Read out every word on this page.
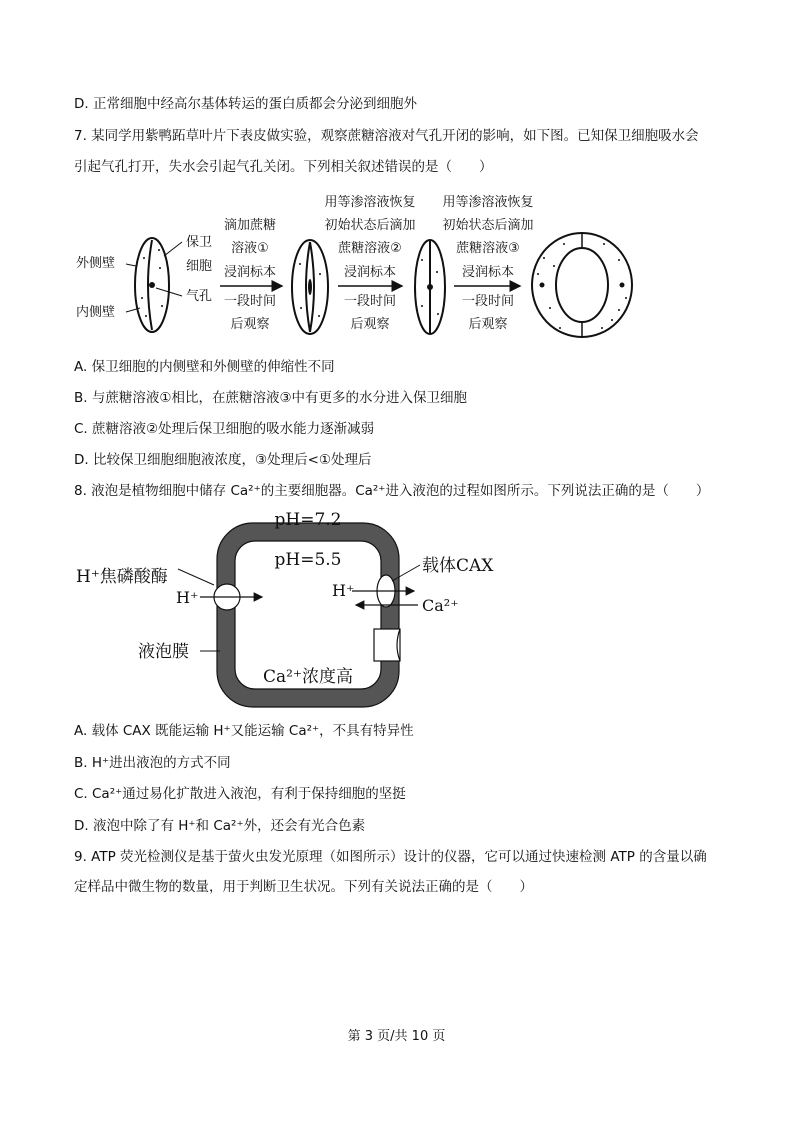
D. 正常细胞中经高尔基体转运的蛋白质都会分泌到细胞外
7. 某同学用紫鸭跖草叶片下表皮做实验，观察蔗糖溶液对气孔开闭的影响，如下图。已知保卫细胞吸水会
引起气孔打开，失水会引起气孔关闭。下列相关叙述错误的是（　　）
外侧壁
内侧壁
保卫
细胞
气孔
滴加蔗糖
溶液①
浸润标本
一段时间
后观察
用等渗溶液恢复
初始状态后滴加
蔗糖溶液②
浸润标本
一段时间
后观察
用等渗溶液恢复
初始状态后滴加
蔗糖溶液③
浸润标本
一段时间
后观察
A. 保卫细胞的内侧壁和外侧壁的伸缩性不同
B. 与蔗糖溶液①相比，在蔗糖溶液③中有更多的水分进入保卫细胞
C. 蔗糖溶液②处理后保卫细胞的吸水能力逐渐减弱
D. 比较保卫细胞细胞液浓度，③处理后<①处理后
8. 液泡是植物细胞中储存 Ca²⁺的主要细胞器。Ca²⁺进入液泡的过程如图所示。下列说法正确的是（　　）
pH=7.2
pH=5.5
H⁺焦磷酸酶
H⁺	H⁺
载体CAX
Ca²⁺
液泡膜
Ca²⁺浓度高
A. 载体 CAX 既能运输 H⁺又能运输 Ca²⁺，不具有特异性
B. H⁺进出液泡的方式不同
C. Ca²⁺通过易化扩散进入液泡，有利于保持细胞的坚挺
D. 液泡中除了有 H⁺和 Ca²⁺外，还会有光合色素
9. ATP 荧光检测仪是基于萤火虫发光原理（如图所示）设计的仪器，它可以通过快速检测 ATP 的含量以确
定样品中微生物的数量，用于判断卫生状况。下列有关说法正确的是（　　）
第 3 页/共 10 页
